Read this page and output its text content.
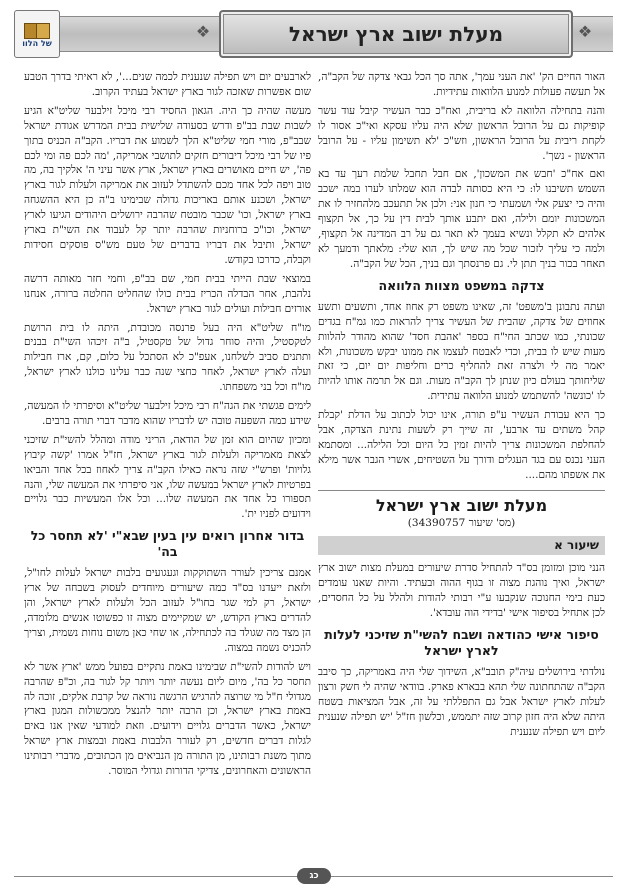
של הלוו
❖	❖
מעלת ישוב ארץ ישראל

האור החיים הק' 'את העני עמך', אתה סך הכל גבאי צדקה של הקב"ה, אל תעשה פעולות למנוע הלוואות עתידיות.

והנה בתחילה הלוואה לא בריבית, ואח"כ כבר העשיר קיבל עוד עשר קופיקות גם על הרובל הראשון שלא היה עליו עסקא ואי"כ אסור לו לקחת ריבית על הרובל הראשון, וזש"כ 'לא תשימון עליו - על הרובל הראשון - נשך'.

ואם אח"כ 'חבש את המשכון', אם חבל תחבל שלמת רעך עד בא השמש תשיבנו לו: כי היא כסותה לבדה הוא שמלתו לערו במה ישכב והיה כי יצעק אלי ושמעתי כי חנון אני: ולכן אל תתעכב מלהחזיר לו את המשכונות יומם ולילה, ואם יתבע אותך לבית דין על כך, אל תקצוף אלהים לא תקלל ונשיא בעמך לא תאר גם על רב המדינה אל תקצוף, ולמה כי עליך לזכור שכל מה שיש לך, הוא שלי: מלאתך ודמעך לא תאחר בכור בניך תתן לי. גם פרנסתך וגם בניך, הכל של הקב"ה.

צדקה במשפט מצוות הלוואה

ועתה נתבונן ב'משפט' זה, שאינו משפט רק אחוז אחד, ותשעים ותשע אחוזים של צדקה, שהבית של העשיר צריך להראות כמו גמ"ח בגדים שכונתי, כמו שכתב החי"ח בספר 'אהבת חסד' שהוא מהודר להלוות מעות שיש לו בבית, וכדי לאבטח לעצמו את ממונו יבקש משכונות, ולא יאמר מה לי ולצרה זאת להחליף כרים וחליפות יום יום, כי זאת שליחותך בעולם כיון שנתן לך הקב"ה מעות. וגם אל תרמה אותו להיות לו 'כונשה' להשתמש למנוע הלוואה עתידית.

כך היא עבודת העשיר ע"פ תורה, אינו יכול לכתוב על הדלת 'קבלת קהל משתים עד ארבע', זה שייך רק לשעות נתינת הצדקה, אבל להחלפת המשכונות צריך להיות זמין כל היום וכל הלילה... ומסתמא העני נכנס עם בגד העגלים ודורך על השטיחים, אשרי הגבר אשר מילא את אשפתו מהם....

מעלת ישוב ארץ ישראל
(מס' שיעור 34390757)
שיעור א

הנני מוכן ומזומן בס"ד להתחיל סדרת שיעורים במעלת מצות ישוב ארץ ישראל, ואיך נוהגת מצוה זו בגוף ההוה ובעתיד. והיות שאנו עומדים כעת בימי החנוכה שנקבעו ע"י רבותי להודות ולהלל על כל החסדים, לכן אתחיל בסיפור אישי 'בדידי הוה עובדא'.

סיפור אישי כהודאה ושבח להשי"ת שזיכני לעלות לארץ ישראל

נולדתי בירושלים עיה"ק תובב"א, השידוך שלי היה באמריקה, כך סיבב הקב"ה שהתחתונה שלי תהא בבארא פארק. בוודאי שהיה לי חשק ורצון לעלות לארץ ישראל אבל גם התפללתי על זה, אבל המציאות בשטח היתה שלא היה חזון קרוב שזה יתממש, וכלשון חז"ל 'יש תפילה שנענית ליום ויש תפילה שנענית

לארבעים יום ויש תפילה שנענית לכמה שנים...', לא ראיתי בדרך הטבע שום אפשרות שאזכה לגור בארץ ישראל בעתיד הקרוב.

מעשה שהיה כך היה. הגאון החסיד רבי מיכל זילבער שליט"א הגיע לשבות שבת בב"פ ודרש בסעודה שלישית בבית המדרש אגודת ישראל שבב"פ, מורי חמי שליט"א הלך לשמוע את דבריו. הקב"ה הכניס בתוך פיו של רבי מיכל דיבורים חזקים לתושבי אמריקה, 'מה לכם פה ומי לכם פה', יש חיים מאושרים בארץ ישראל, ארץ אשר עיני ה' אלקיך בה, מה טוב ויפה לכל אחד מכם להשתדל לעזוב את אמריקה ולעלות לגור בארץ ישראל, ושכנע אותם באריכות גדולה שבימינו ב"ה כן היא ההשגחה בארץ ישראל, וכו' שכבר מובטח שהרבה ירושלים היהודים הגיעו לארץ ישראל, וכו"כ ברוחניות שהרבה יותר קל לעבוד את השי"ת בארץ ישראל, ותיבל את דבריו בדברים של טעם מש"ס פוסקים חסידות וקבלה, כדרכו בקודש.

במוצאי שבת הייתי בבית חמי, שם בב"פ, וחמי חזר מאותה דרשה נלהבת, אחר הבדלה הכריז בבית כולו שהחליט החלטה ברורה, אנחנו אורזים חבילות ועולים לגור בארץ ישראל.

מו"ח שליט"א היה בעל פרנסה מכובדת, היתה לו בית הרושת לטקסטיל, והיה סוחר גדול של טקסטיל, ב"ה זיכהו השי"ת בבנים ותתנים סביב לשלחנו, אעפ"כ לא הסתכל על כלום, קם, ארז חבילות ועלה לארץ ישראל, לאחר כחצי שנה כבר עלינו כולנו לארץ ישראל, מו"ח וכל בני משפחתו.

לימים פגשתי את הגה"ח רבי מיכל זילבער שליט"א וסיפרתי לו המעשה, שידע כמה השפעה טובה יש לדבריו שהוא מדבר דברי תורה ברבים.

ומכיון שהיום הוא זמן של הודאה, הריני מודה ומהלל להשי"ת שזיכני לצאת מאמריקה ולעלות לגור בארץ ישראל, חז"ל אמרו 'קשה קיבוץ גלויות' ופרש"י שזה נראה כאילו הקב"ה צריך לאחוז בכל אחד והביאו בפרטיות לארץ ישראל במעשה שלו, אני סיפרתי את המעשה שלי, והנה תספורו כל אחד את המעשה שלו... וכל אלו המעשיות כבר גלויים וידועים לפניו ית'.

בדור אחרון רואים עין בעין שבא"י 'לא תחסר כל בה'

אמנם צריכין לעורר השתוקקות וגעגועים בלבות ישראל לעלות לחו"ל, ולזאת ייעדנו בס"ד כמה שיעורים מיוחדים לעסוק בשבחה של ארץ ישראל, רק למי שגר בחו"ל לעזוב הכל ולעלות לארץ ישראל, והן להדרים בארץ הקודש, יש שמקיימים מצוה זו כפשוטו אנשים מלומדה, הן מצד מה שגולד בה לכתחילה, או שחי כאן משום נוחות נשמית, וצריך להכניס נשמה במצוה.

ויש להודות להשי"ת שבימינו באמת נתקיים בפועל ממש 'ארץ אשר לא תחסר כל בה', מיום ליום נעשה יותר ויותר קל לגור בה, וכ"פ שהרבה מגדולי ח"ל מי שרוצה להרגיש הרגשה נוראה של קרבת אלקים, זוכה לה באמת בארץ ישראל, וכן הרבה יותר להנצל ממכשולות המגון בארץ ישראל, כאשר הדברים גלויים וידועים. וזאת למודעי שאין אנו באים לגלות דברים חדשים, רק לעורר הלבבות באמת ובמצות ארץ ישראל מתוך משנת רבותינו, מן התורה מן הנביאים מן הכתובים, מדברי רבותינו הראשונים והאחרונים, צדיקי הדורות וגדולי המוסר.

כג
